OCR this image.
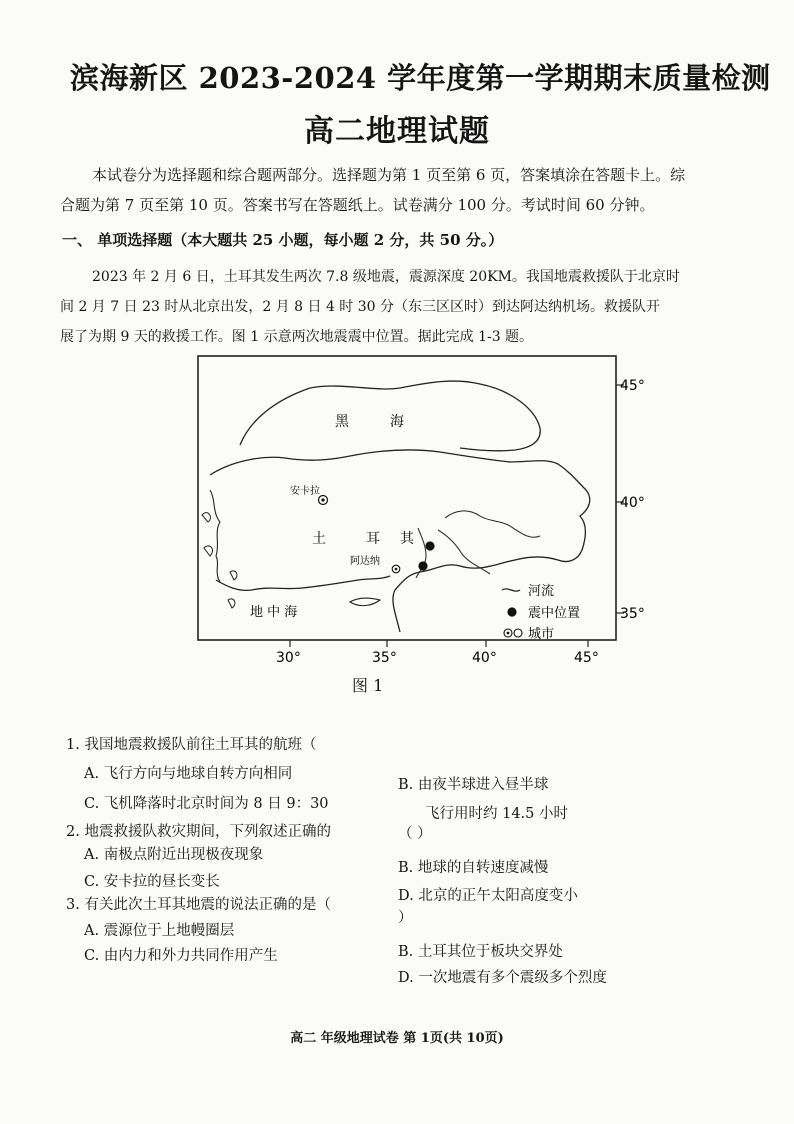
滨海新区 2023-2024 学年度第一学期期末质量检测
高二地理试题
本试卷分为选择题和综合题两部分。选择题为第 1 页至第 6 页，答案填涂在答题卡上。综
合题为第 7 页至第 10 页。答案书写在答题纸上。试卷满分 100 分。考试时间 60 分钟。
一、 单项选择题（本大题共 25 小题，每小题 2 分，共 50 分。）
2023 年 2 月 6 日，土耳其发生两次 7.8 级地震，震源深度 20KM。我国地震救援队于北京时
间 2 月 7 日 23 时从北京出发，2 月 8 日 4 时 30 分（东三区区时）到达阿达纳机场。救援队开
展了为期 9 天的救援工作。图 1 示意两次地震震中位置。据此完成 1-3 题。
黑	海
土	耳 其
安卡拉
阿达纳
地 中 海
45°
40°
35°
30°	35°	40°	45°
河流
震中位置
城市
图 1
1. 我国地震救援队前往土耳其的航班（
A. 飞行方向与地球自转方向相同
B. 由夜半球进入昼半球
C. 飞机降落时北京时间为 8 日 9：30
飞行用时约 14.5 小时
2. 地震救援队救灾期间，下列叙述正确的	（ ）
A. 南极点附近出现极夜现象
B. 地球的自转速度减慢
C. 安卡拉的昼长变长
D. 北京的正午太阳高度变小
3. 有关此次土耳其地震的说法正确的是（
）
A. 震源位于上地幔圈层
C. 由内力和外力共同作用产生	B. 土耳其位于板块交界处
D. 一次地震有多个震级多个烈度
高二 年级地理试卷 第 1页(共 10页)
